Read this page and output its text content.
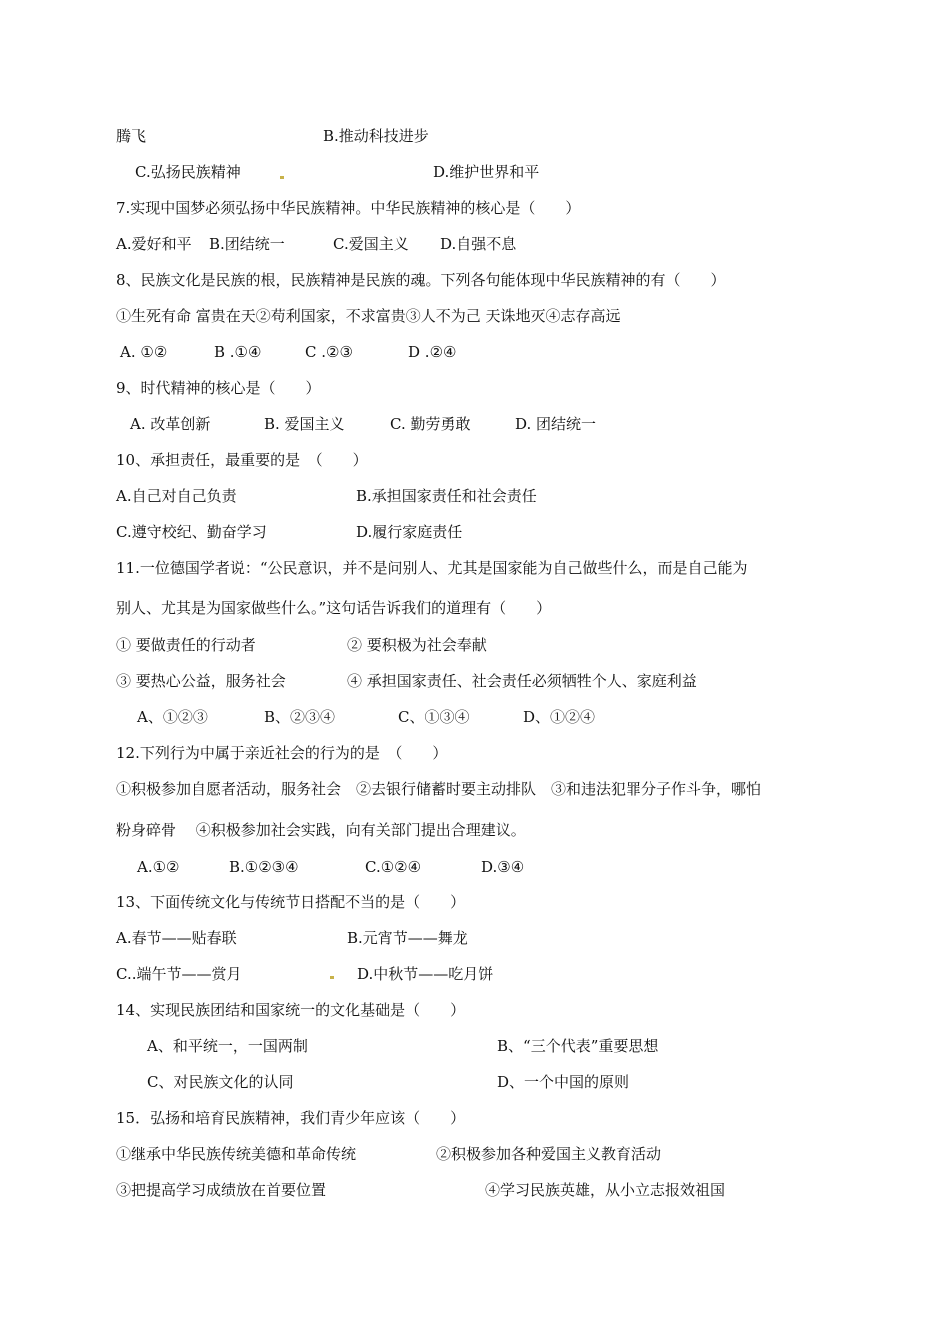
腾飞	B.推动科技进步
C.弘扬民族精神	D.维护世界和平
7.实现中国梦必须弘扬中华民族精神。中华民族精神的核心是（　　）
A.爱好和平 B.团结统一	C.爱国主义 D.自强不息
8、民族文化是民族的根，民族精神是民族的魂。下列各句能体现中华民族精神的有（　　）
①生死有命 富贵在天②苟利国家，不求富贵③人不为己 天诛地灭④志存高远
A. ①②	B .①④	C .②③	D .②④
9、时代精神的核心是（　　）
A. 改革创新	B. 爱国主义	C. 勤劳勇敢	D. 团结统一
10、承担责任，最重要的是　（　　）
A.自己对自己负责	B.承担国家责任和社会责任
C.遵守校纪、勤奋学习	D.履行家庭责任
11.一位德国学者说：“公民意识，并不是问别人、尤其是国家能为自己做些什么，而是自己能为
别人、尤其是为国家做些什么。”这句话告诉我们的道理有（　　）
① 要做责任的行动者	② 要积极为社会奉献
③ 要热心公益，服务社会	④ 承担国家责任、社会责任必须牺牲个人、家庭利益
A、①②③	B、②③④	C、①③④	D、①②④
12.下列行为中属于亲近社会的行为的是　（　　）
①积极参加自愿者活动，服务社会　②去银行储蓄时要主动排队　③和违法犯罪分子作斗争，哪怕
粉身碎骨　 ④积极参加社会实践，向有关部门提出合理建议。
A.①②	B.①②③④	C.①②④	D.③④
13、下面传统文化与传统节日搭配不当的是（　　）
A.春节——贴春联	B.元宵节——舞龙
C..端午节——赏月	D.中秋节——吃月饼
14、实现民族团结和国家统一的文化基础是（　　）
A、和平统一，一国两制	B、“三个代表”重要思想
C、对民族文化的认同	D、一个中国的原则
15．弘扬和培育民族精神，我们青少年应该（　　）
①继承中华民族传统美德和革命传统	②积极参加各种爱国主义教育活动
③把提高学习成绩放在首要位置	④学习民族英雄，从小立志报效祖国
